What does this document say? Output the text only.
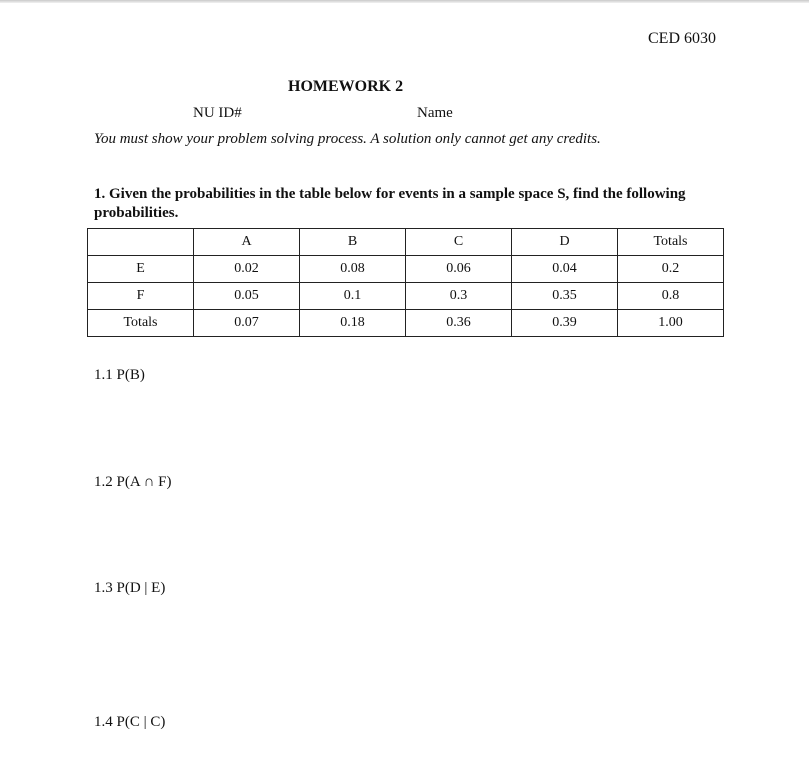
CED 6030
HOMEWORK 2
NU ID#	Name
You must show your problem solving process. A solution only cannot get any credits.
1. Given the probabilities in the table below for events in a sample space S, find the following probabilities.
	A	B	C	D	Totals
E	0.02	0.08	0.06	0.04	0.2
F	0.05	0.1	0.3	0.35	0.8
Totals	0.07	0.18	0.36	0.39	1.00
1.1 P(B)
1.2 P(A ∩ F)
1.3 P(D | E)
1.4 P(C | C)
